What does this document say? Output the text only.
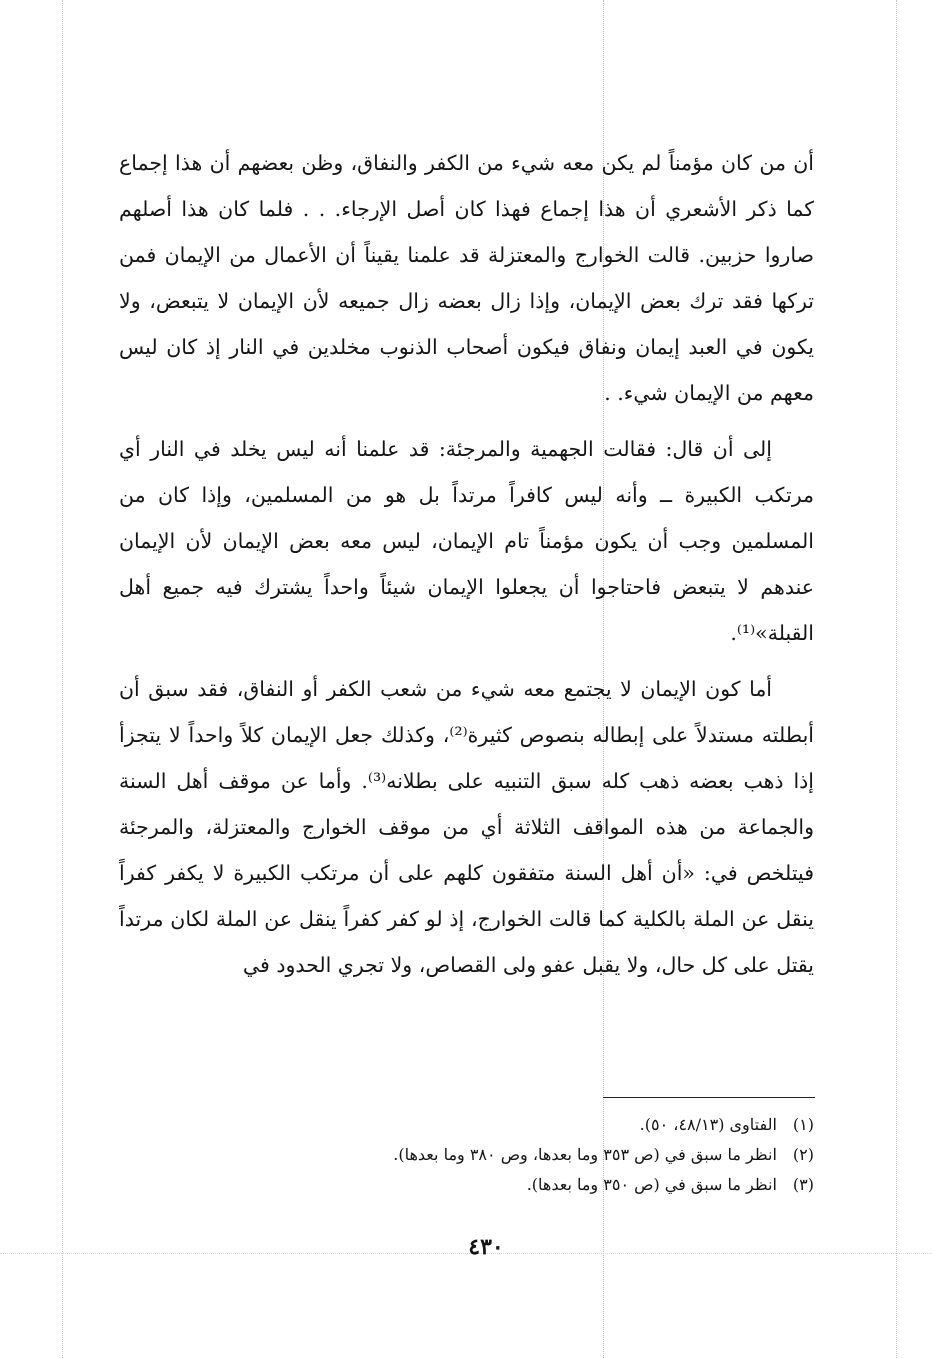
أن من كان مؤمناً لم يكن معه شيء من الكفر والنفاق، وظن بعضهم أن هذا إجماع كما ذكر الأشعري أن هذا إجماع فهذا كان أصل الإرجاء. . . فلما كان هذا أصلهم صاروا حزبين. قالت الخوارج والمعتزلة قد علمنا يقيناً أن الأعمال من الإيمان فمن تركها فقد ترك بعض الإيمان، وإذا زال بعضه زال جميعه لأن الإيمان لا يتبعض، ولا يكون في العبد إيمان ونفاق فيكون أصحاب الذنوب مخلدين في النار إذ كان ليس معهم من الإيمان شيء. .

إلى أن قال: فقالت الجهمية والمرجئة: قد علمنا أنه ليس يخلد في النار أي مرتكب الكبيرة ــ وأنه ليس كافراً مرتداً بل هو من المسلمين، وإذا كان من المسلمين وجب أن يكون مؤمناً تام الإيمان، ليس معه بعض الإيمان لأن الإيمان عندهم لا يتبعض فاحتاجوا أن يجعلوا الإيمان شيئاً واحداً يشترك فيه جميع أهل القبلة»⁽¹⁾.

أما كون الإيمان لا يجتمع معه شيء من شعب الكفر أو النفاق، فقد سبق أن أبطلته مستدلاً على إبطاله بنصوص كثيرة⁽²⁾، وكذلك جعل الإيمان كلاً واحداً لا يتجزأ إذا ذهب بعضه ذهب كله سبق التنبيه على بطلانه⁽³⁾. وأما عن موقف أهل السنة والجماعة من هذه المواقف الثلاثة أي من موقف الخوارج والمعتزلة، والمرجئة فيتلخص في: «أن أهل السنة متفقون كلهم على أن مرتكب الكبيرة لا يكفر كفراً ينقل عن الملة بالكلية كما قالت الخوارج، إذ لو كفر كفراً ينقل عن الملة لكان مرتداً يقتل على كل حال، ولا يقبل عفو ولى القصاص، ولا تجري الحدود في

(١)الفتاوى (٤٨/١٣، ٥٠).

(٢)انظر ما سبق في (ص ٣٥٣ وما بعدها، وص ٣٨٠ وما بعدها).

(٣)انظر ما سبق في (ص ٣٥٠ وما بعدها).

٤٣٠
